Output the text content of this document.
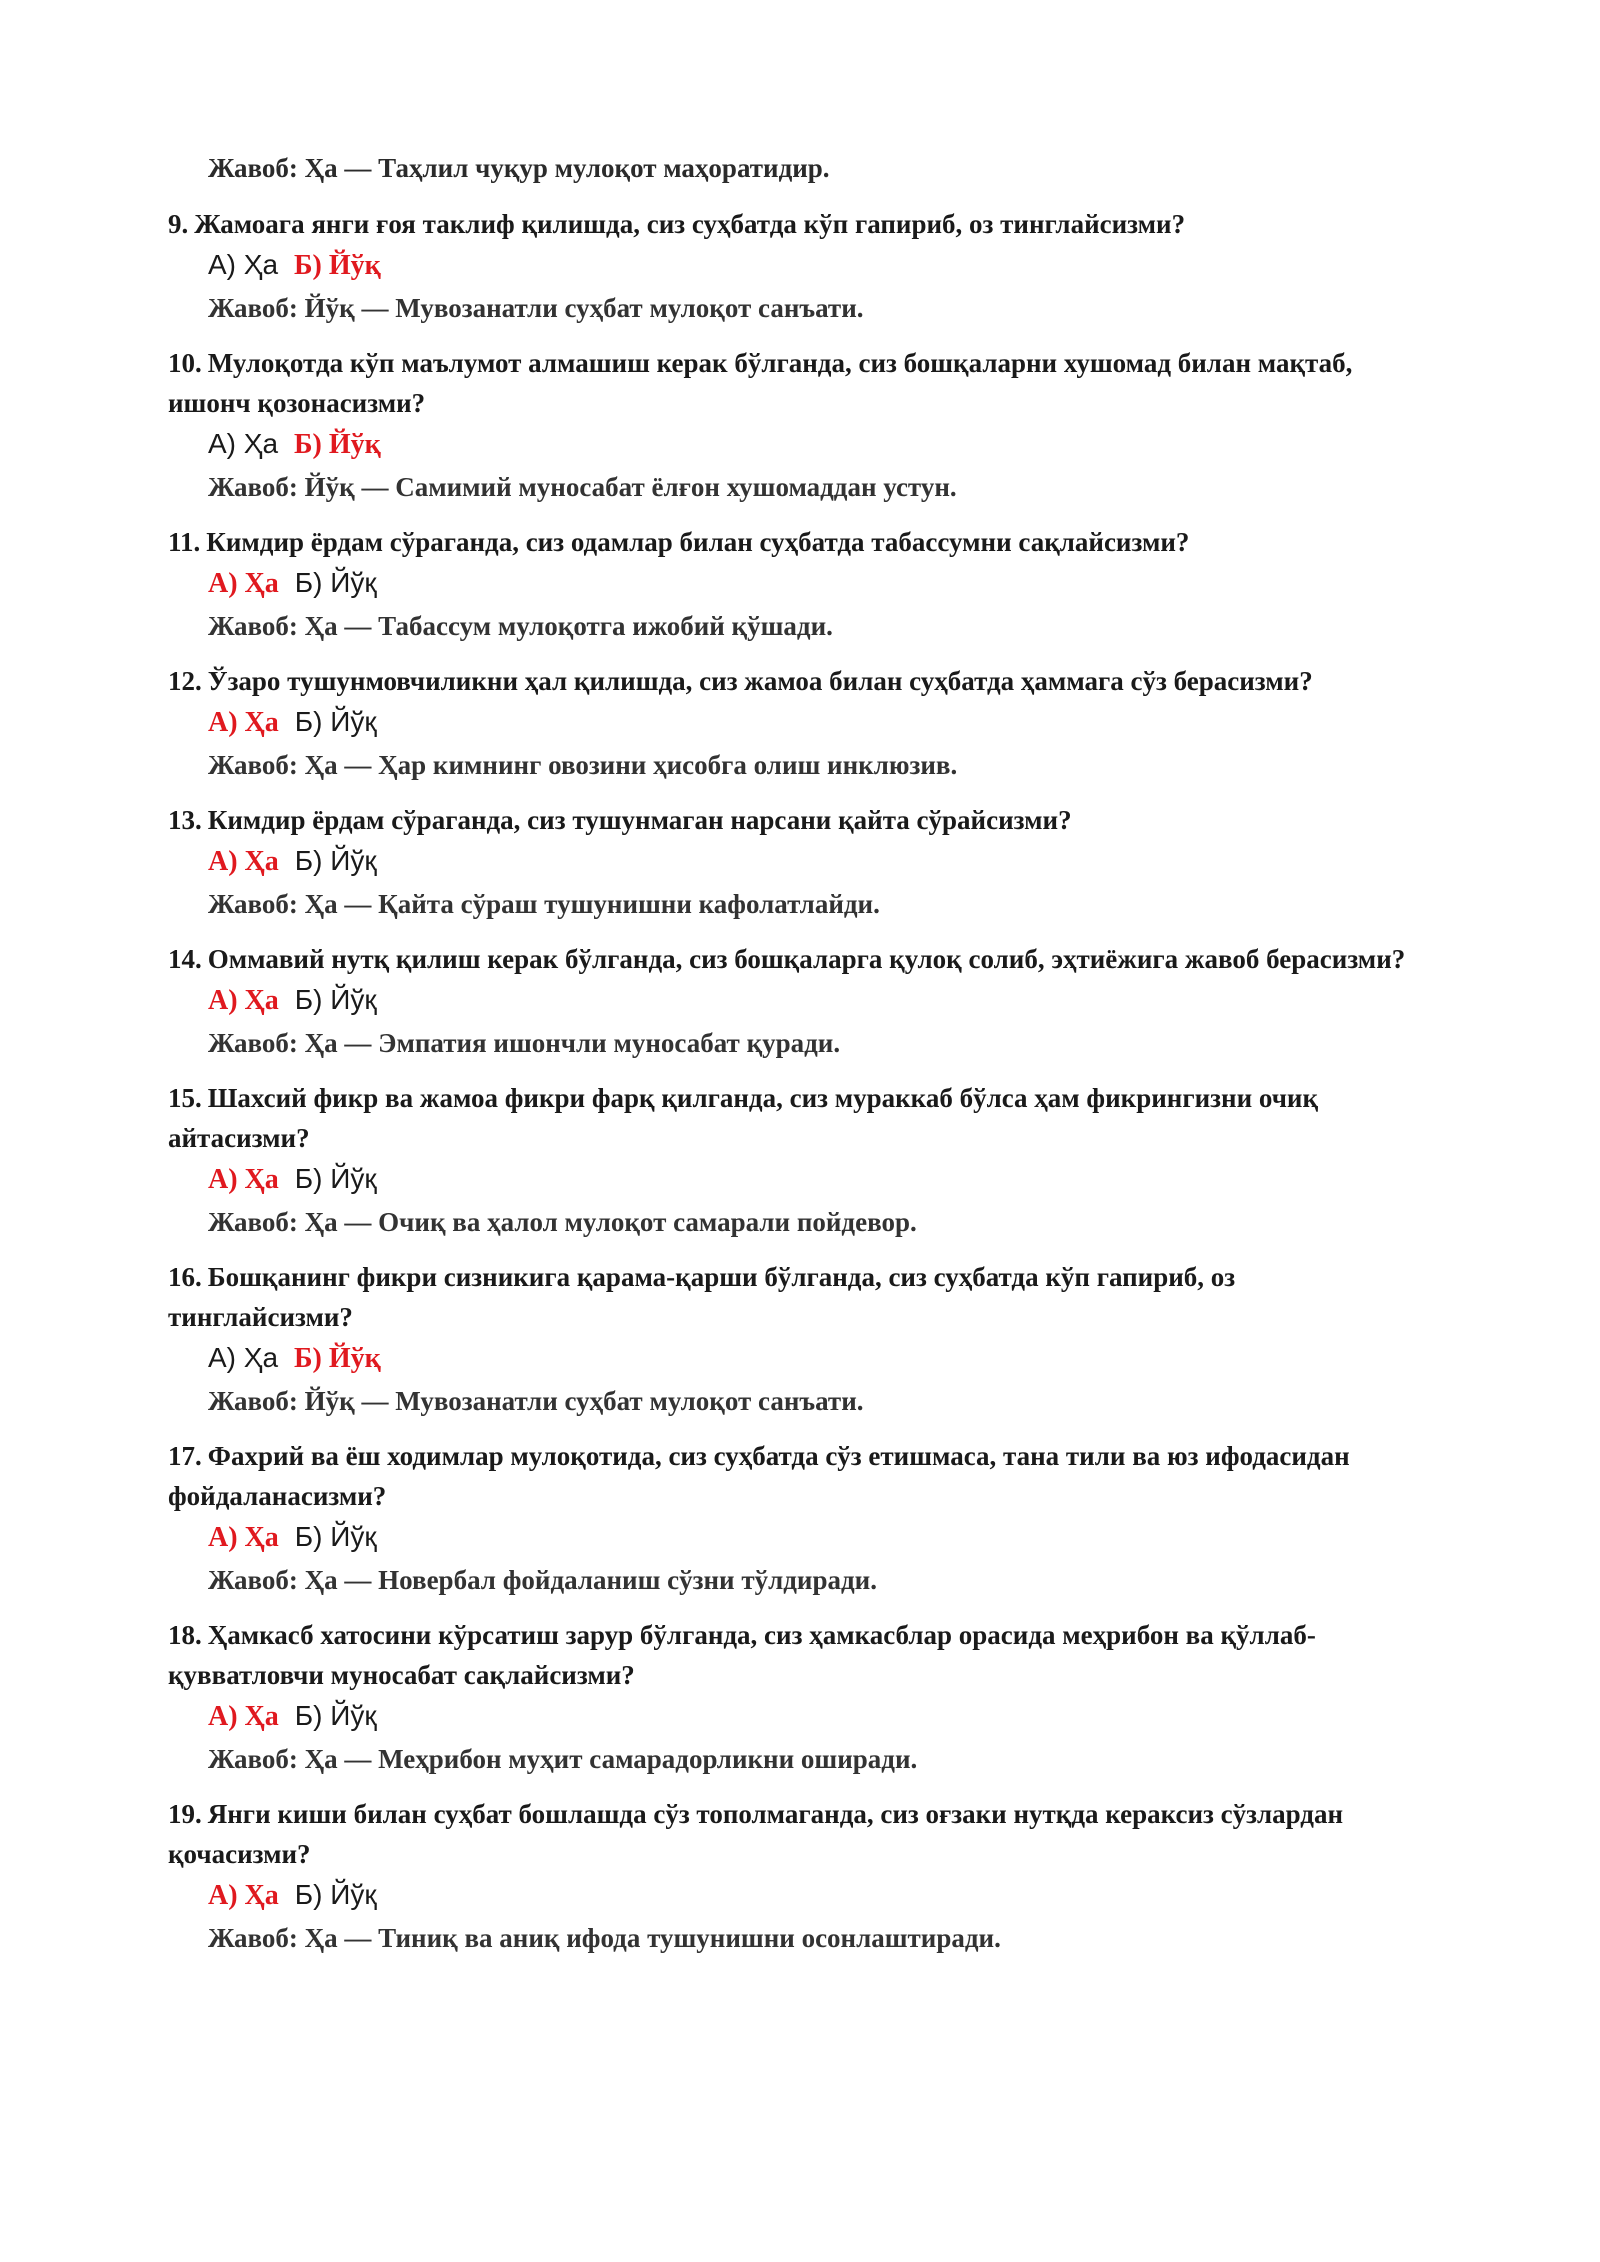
Жавоб: Ҳа — Таҳлил чуқур мулоқот маҳоратидир.
9. Жамоага янги ғоя таклиф қилишда, сиз суҳбатда кўп гапириб, оз тинглайсизми?
А) Ҳа Б) Йўқ
Жавоб: Йўқ — Мувозанатли суҳбат мулоқот санъати.
10. Мулоқотда кўп маълумот алмашиш керак бўлганда, сиз бошқаларни хушомад билан мақтаб, ишонч қозонасизми?
А) Ҳа Б) Йўқ
Жавоб: Йўқ — Самимий муносабат ёлғон хушомаддан устун.
11. Кимдир ёрдам сўраганда, сиз одамлар билан суҳбатда табассумни сақлайсизми?
А) Ҳа Б) Йўқ
Жавоб: Ҳа — Табассум мулоқотга ижобий қўшади.
12. Ўзаро тушунмовчиликни ҳал қилишда, сиз жамоа билан суҳбатда ҳаммага сўз берасизми?
А) Ҳа Б) Йўқ
Жавоб: Ҳа — Ҳар кимнинг овозини ҳисобга олиш инклюзив.
13. Кимдир ёрдам сўраганда, сиз тушунмаган нарсани қайта сўрайсизми?
А) Ҳа Б) Йўқ
Жавоб: Ҳа — Қайта сўраш тушунишни кафолатлайди.
14. Оммавий нутқ қилиш керак бўлганда, сиз бошқаларга қулоқ солиб, эҳтиёжига жавоб берасизми?
А) Ҳа Б) Йўқ
Жавоб: Ҳа — Эмпатия ишончли муносабат қуради.
15. Шахсий фикр ва жамоа фикри фарқ қилганда, сиз мураккаб бўлса ҳам фикрингизни очиқ айтасизми?
А) Ҳа Б) Йўқ
Жавоб: Ҳа — Очиқ ва ҳалол мулоқот самарали пойдевор.
16. Бошқанинг фикри сизникига қарама-қарши бўлганда, сиз суҳбатда кўп гапириб, оз тинглайсизми?
А) Ҳа Б) Йўқ
Жавоб: Йўқ — Мувозанатли суҳбат мулоқот санъати.
17. Фахрий ва ёш ходимлар мулоқотида, сиз суҳбатда сўз етишмаса, тана тили ва юз ифодасидан фойдаланасизми?
А) Ҳа Б) Йўқ
Жавоб: Ҳа — Новербал фойдаланиш сўзни тўлдиради.
18. Ҳамкасб хатосини кўрсатиш зарур бўлганда, сиз ҳамкасблар орасида меҳрибон ва қўллаб-қувватловчи муносабат сақлайсизми?
А) Ҳа Б) Йўқ
Жавоб: Ҳа — Меҳрибон муҳит самарадорликни оширади.
19. Янги киши билан суҳбат бошлашда сўз тополмаганда, сиз оғзаки нутқда кераксиз сўзлардан қочасизми?
А) Ҳа Б) Йўқ
Жавоб: Ҳа — Тиниқ ва аниқ ифода тушунишни осонлаштиради.
